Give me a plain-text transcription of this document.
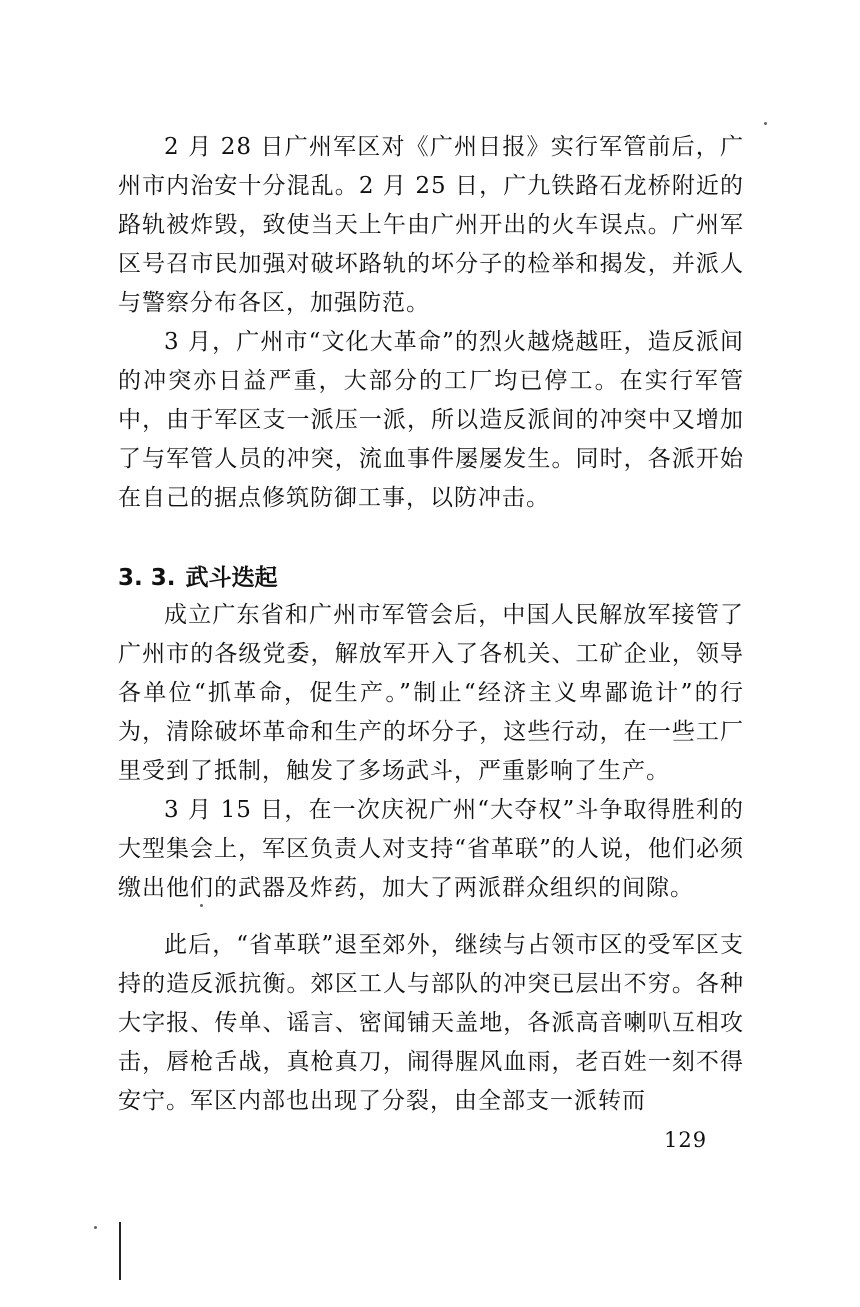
2 月 28 日广州军区对《广州日报》实行军管前后，广州市内治安十分混乱。2 月 25 日，广九铁路石龙桥附近的路轨被炸毁，致使当天上午由广州开出的火车误点。广州军区号召市民加强对破坏路轨的坏分子的检举和揭发，并派人与警察分布各区，加强防范。

3 月，广州市“文化大革命”的烈火越烧越旺，造反派间的冲突亦日益严重，大部分的工厂均已停工。在实行军管中，由于军区支一派压一派，所以造反派间的冲突中又增加了与军管人员的冲突，流血事件屡屡发生。同时，各派开始在自己的据点修筑防御工事，以防冲击。

3. 3. 武斗迭起

成立广东省和广州市军管会后，中国人民解放军接管了广州市的各级党委，解放军开入了各机关、工矿企业，领导各单位“抓革命，促生产。”制止“经济主义卑鄙诡计”的行为，清除破坏革命和生产的坏分子，这些行动，在一些工厂里受到了抵制，触发了多场武斗，严重影响了生产。

3 月 15 日，在一次庆祝广州“大夺权”斗争取得胜利的大型集会上，军区负责人对支持“省革联”的人说，他们必须缴出他们的武器及炸药，加大了两派群众组织的间隙。

此后，“省革联”退至郊外，继续与占领市区的受军区支持的造反派抗衡。郊区工人与部队的冲突已层出不穷。各种大字报、传单、谣言、密闻铺天盖地，各派高音喇叭互相攻击，唇枪舌战，真枪真刀，闹得腥风血雨，老百姓一刻不得安宁。军区内部也出现了分裂，由全部支一派转而

129
